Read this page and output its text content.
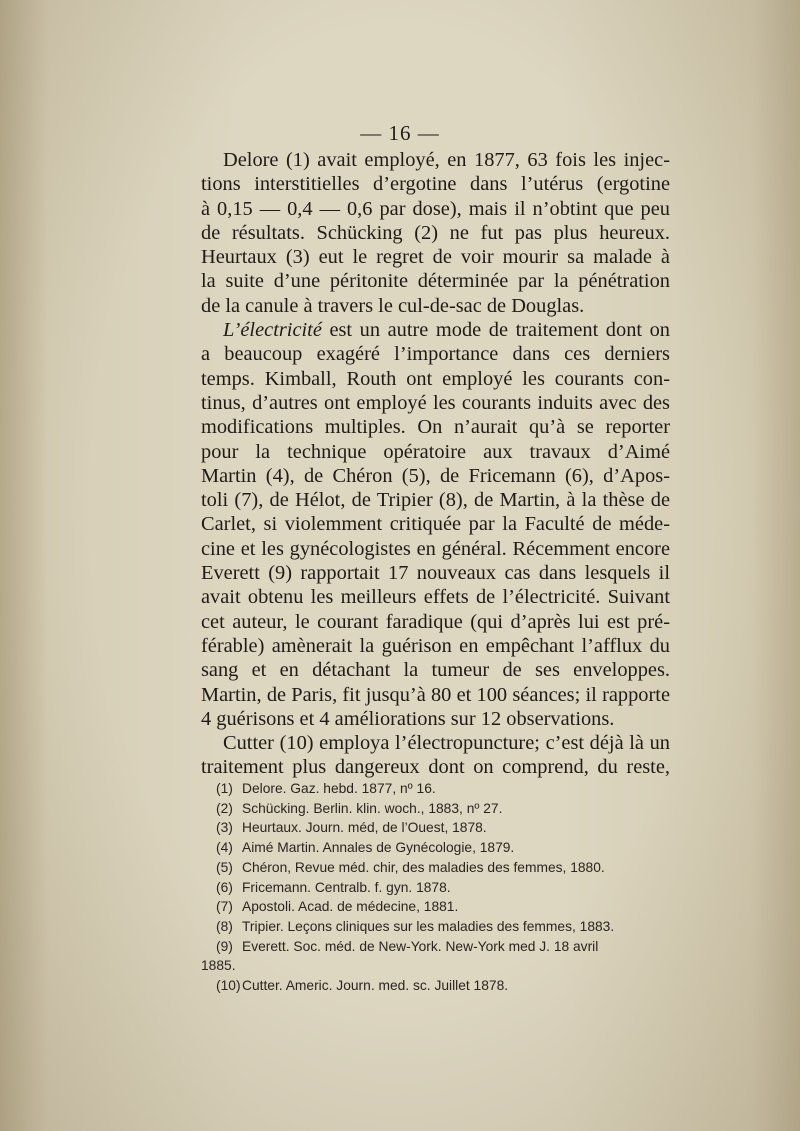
— 16 —
Delore (1) avait employé, en 1877, 63 fois les injec-
tions interstitielles d’ergotine dans l’utérus (ergotine
à 0,15 — 0,4 — 0,6 par dose), mais il n’obtint que peu
de résultats. Schücking (2) ne fut pas plus heureux.
Heurtaux (3) eut le regret de voir mourir sa malade à
la suite d’une péritonite déterminée par la pénétration
de la canule à travers le cul-de-sac de Douglas.
L’électricité est un autre mode de traitement dont on
a beaucoup exagéré l’importance dans ces derniers
temps. Kimball, Routh ont employé les courants con-
tinus, d’autres ont employé les courants induits avec des
modifications multiples. On n’aurait qu’à se reporter
pour la technique opératoire aux travaux d’Aimé
Martin (4), de Chéron (5), de Fricemann (6), d’Apos-
toli (7), de Hélot, de Tripier (8), de Martin, à la thèse de
Carlet, si violemment critiquée par la Faculté de méde-
cine et les gynécologistes en général. Récemment encore
Everett (9) rapportait 17 nouveaux cas dans lesquels il
avait obtenu les meilleurs effets de l’électricité. Suivant
cet auteur, le courant faradique (qui d’après lui est pré-
férable) amènerait la guérison en empêchant l’afflux du
sang et en détachant la tumeur de ses enveloppes.
Martin, de Paris, fit jusqu’à 80 et 100 séances; il rapporte
4 guérisons et 4 améliorations sur 12 observations.
Cutter (10) employa l’électropuncture; c’est déjà là un
traitement plus dangereux dont on comprend, du reste,
(1) Delore. Gaz. hebd. 1877, nº 16.
(2) Schücking. Berlin. klin. woch., 1883, nº 27.
(3) Heurtaux. Journ. méd, de l’Ouest, 1878.
(4) Aimé Martin. Annales de Gynécologie, 1879.
(5) Chéron, Revue méd. chir, des maladies des femmes, 1880.
(6) Fricemann. Centralb. f. gyn. 1878.
(7) Apostoli. Acad. de médecine, 1881.
(8) Tripier. Leçons cliniques sur les maladies des femmes, 1883.
(9) Everett. Soc. méd. de New-York. New-York med J. 18 avril
1885.
(10)Cutter. Americ. Journ. med. sc. Juillet 1878.
